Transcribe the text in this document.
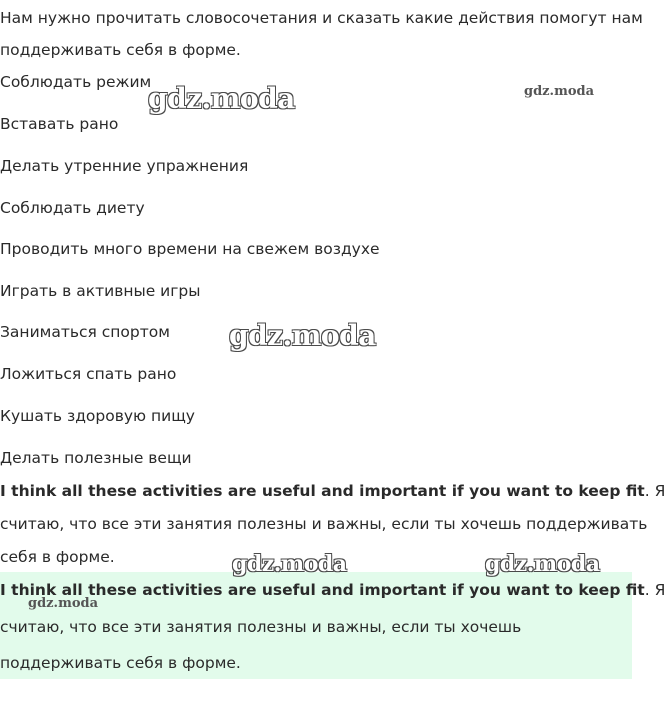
Нам нужно прочитать словосочетания и сказать какие действия помогут нам
поддерживать себя в форме.
Соблюдать режим
Вставать рано
Делать утренние упражнения
Соблюдать диету
Проводить много времени на свежем воздухе
Играть в активные игры
Заниматься спортом
Ложиться спать рано
Кушать здоровую пищу
Делать полезные вещи
I think all these activities are useful and important if you want to keep fit. Я
считаю, что все эти занятия полезны и важны, если ты хочешь поддерживать
себя в форме.
I think all these activities are useful and important if you want to keep fit. Я
считаю, что все эти занятия полезны и важны, если ты хочешь
поддерживать себя в форме.
gdz.moda	gdz.moda
gdz.moda
gdz.moda	gdz.moda
gdz.moda
